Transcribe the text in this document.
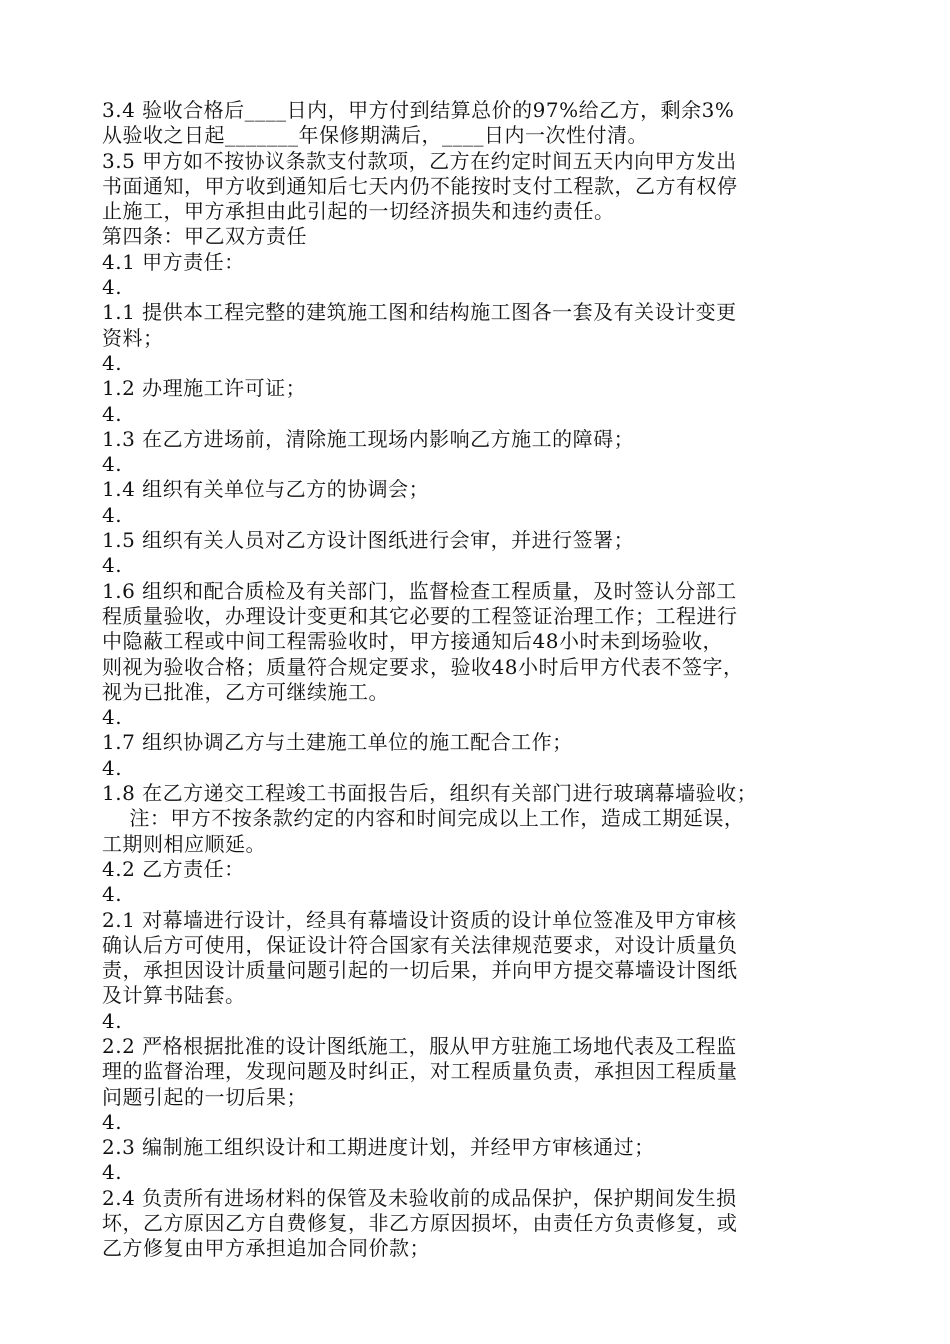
3.4 验收合格后____日内，甲方付到结算总价的97%给乙方，剩余3%
从验收之日起_______年保修期满后，____日内一次性付清。
3.5 甲方如不按协议条款支付款项，乙方在约定时间五天内向甲方发出
书面通知，甲方收到通知后七天内仍不能按时支付工程款，乙方有权停
止施工，甲方承担由此引起的一切经济损失和违约责任。
第四条：甲乙双方责任
4.1 甲方责任：
4.
1.1 提供本工程完整的建筑施工图和结构施工图各一套及有关设计变更
资料；
4.
1.2 办理施工许可证；
4.
1.3 在乙方进场前，清除施工现场内影响乙方施工的障碍；
4.
1.4 组织有关单位与乙方的协调会；
4.
1.5 组织有关人员对乙方设计图纸进行会审，并进行签署；
4.
1.6 组织和配合质检及有关部门，监督检查工程质量，及时签认分部工
程质量验收，办理设计变更和其它必要的工程签证治理工作；工程进行
中隐蔽工程或中间工程需验收时，甲方接通知后48小时未到场验收，
则视为验收合格；质量符合规定要求，验收48小时后甲方代表不签字，
视为已批准，乙方可继续施工。
4.
1.7 组织协调乙方与土建施工单位的施工配合工作；
4.
1.8 在乙方递交工程竣工书面报告后，组织有关部门进行玻璃幕墙验收；
注：甲方不按条款约定的内容和时间完成以上工作，造成工期延误，
工期则相应顺延。
4.2 乙方责任：
4.
2.1 对幕墙进行设计，经具有幕墙设计资质的设计单位签准及甲方审核
确认后方可使用，保证设计符合国家有关法律规范要求，对设计质量负
责，承担因设计质量问题引起的一切后果，并向甲方提交幕墙设计图纸
及计算书陆套。
4.
2.2 严格根据批准的设计图纸施工，服从甲方驻施工场地代表及工程监
理的监督治理，发现问题及时纠正，对工程质量负责，承担因工程质量
问题引起的一切后果；
4.
2.3 编制施工组织设计和工期进度计划，并经甲方审核通过；
4.
2.4 负责所有进场材料的保管及未验收前的成品保护，保护期间发生损
坏，乙方原因乙方自费修复，非乙方原因损坏，由责任方负责修复，或
乙方修复由甲方承担追加合同价款；
